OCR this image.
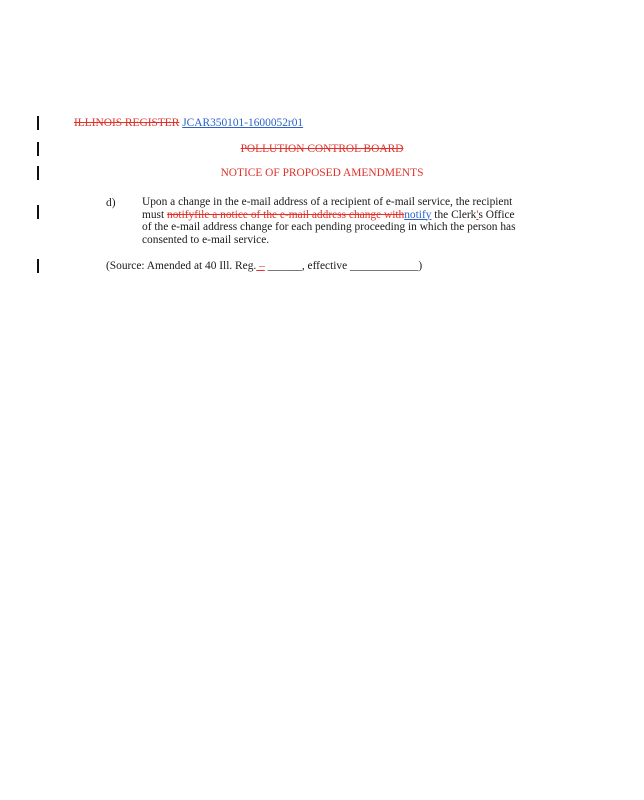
ILLINOIS REGISTER JCAR350101-1600052r01
POLLUTION CONTROL BOARD
NOTICE OF PROPOSED AMENDMENTS
d) Upon a change in the e-mail address of a recipient of e-mail service, the recipient must notifyfile a notice of the e-mail address change withnotify the Clerk's Office of the e-mail address change for each pending proceeding in which the person has consented to e-mail service.
(Source: Amended at 40 Ill. Reg. – ______, effective ____________)
